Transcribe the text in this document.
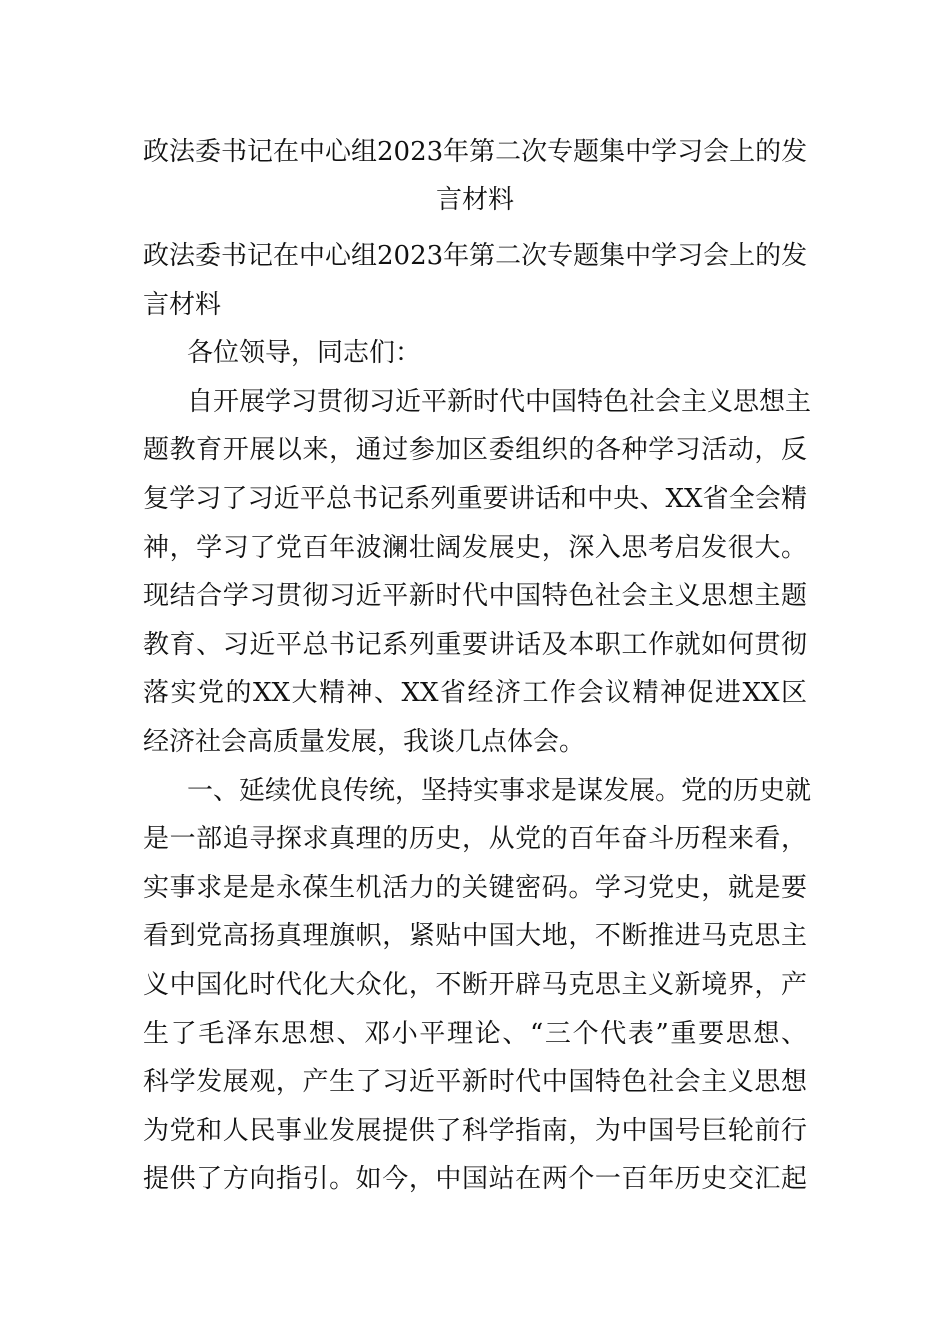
政法委书记在中心组2023年第二次专题集中学习会上的发
言材料
政法委书记在中心组2023年第二次专题集中学习会上的发
言材料
各位领导，同志们：
自开展学习贯彻习近平新时代中国特色社会主义思想主
题教育开展以来，通过参加区委组织的各种学习活动，反
复学习了习近平总书记系列重要讲话和中央、XX省全会精
神，学习了党百年波澜壮阔发展史，深入思考启发很大。
现结合学习贯彻习近平新时代中国特色社会主义思想主题
教育、习近平总书记系列重要讲话及本职工作就如何贯彻
落实党的XX大精神、XX省经济工作会议精神促进XX区
经济社会高质量发展，我谈几点体会。
一、延续优良传统，坚持实事求是谋发展。党的历史就
是一部追寻探求真理的历史，从党的百年奋斗历程来看，
实事求是是永葆生机活力的关键密码。学习党史，就是要
看到党高扬真理旗帜，紧贴中国大地，不断推进马克思主
义中国化时代化大众化，不断开辟马克思主义新境界，产
生了毛泽东思想、邓小平理论、“三个代表”重要思想、
科学发展观，产生了习近平新时代中国特色社会主义思想
为党和人民事业发展提供了科学指南，为中国号巨轮前行
提供了方向指引。如今，中国站在两个一百年历史交汇起
